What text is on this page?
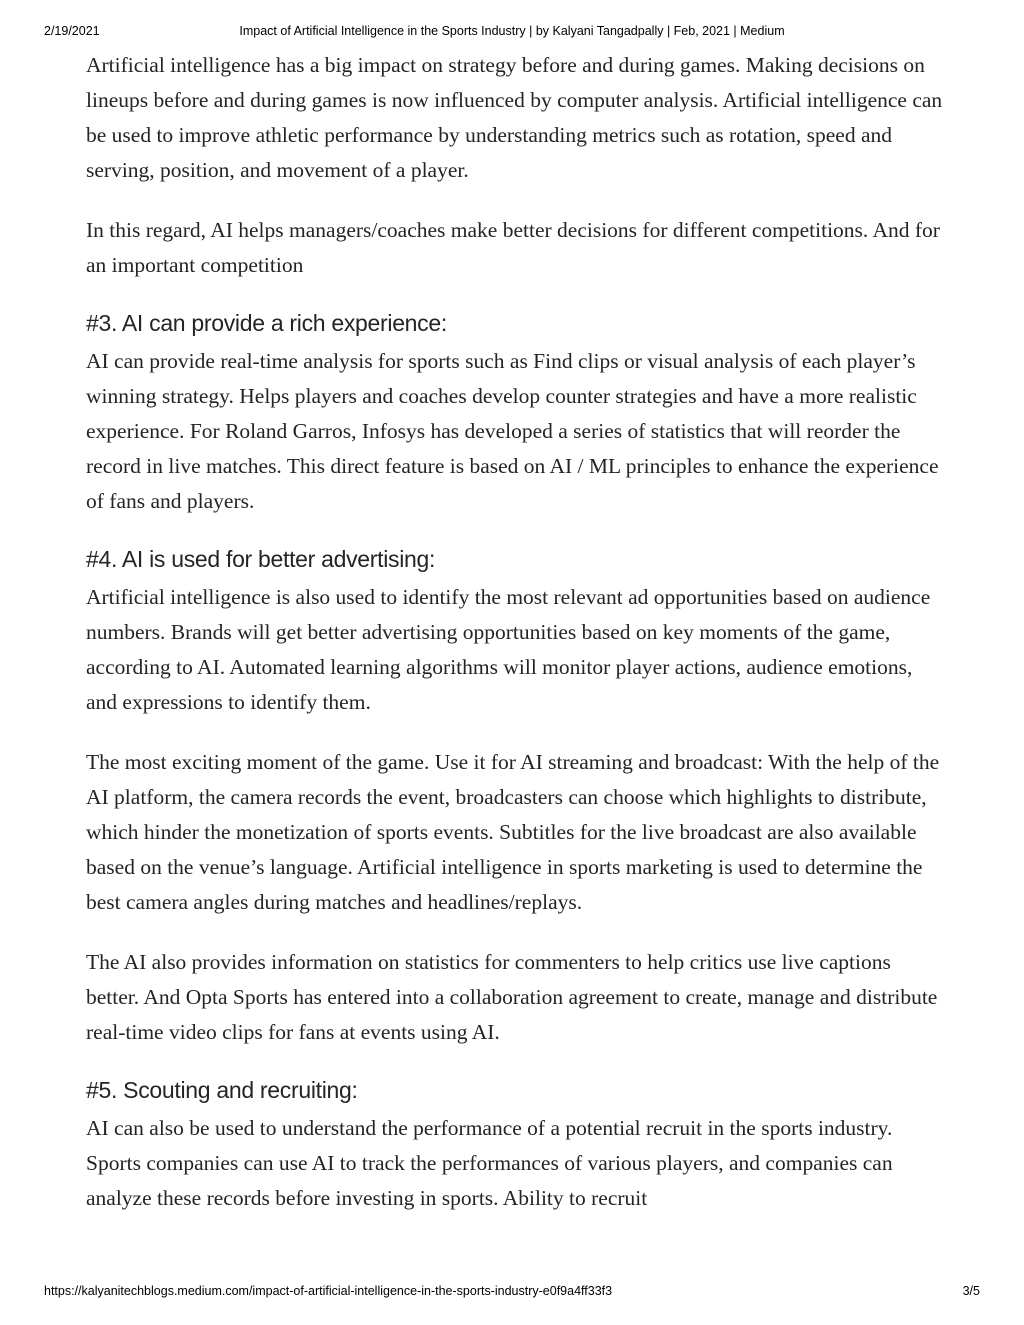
2/19/2021	Impact of Artificial Intelligence in the Sports Industry | by Kalyani Tangadpally | Feb, 2021 | Medium

Artificial intelligence has a big impact on strategy before and during games. Making decisions on lineups before and during games is now influenced by computer analysis. Artificial intelligence can be used to improve athletic performance by understanding metrics such as rotation, speed and serving, position, and movement of a player.

In this regard, AI helps managers/coaches make better decisions for different competitions. And for an important competition

#3. AI can provide a rich experience:

AI can provide real-time analysis for sports such as Find clips or visual analysis of each player’s winning strategy. Helps players and coaches develop counter strategies and have a more realistic experience. For Roland Garros, Infosys has developed a series of statistics that will reorder the record in live matches. This direct feature is based on AI / ML principles to enhance the experience of fans and players.

#4. AI is used for better advertising:

Artificial intelligence is also used to identify the most relevant ad opportunities based on audience numbers. Brands will get better advertising opportunities based on key moments of the game, according to AI. Automated learning algorithms will monitor player actions, audience emotions, and expressions to identify them.

The most exciting moment of the game. Use it for AI streaming and broadcast: With the help of the AI platform, the camera records the event, broadcasters can choose which highlights to distribute, which hinder the monetization of sports events. Subtitles for the live broadcast are also available based on the venue’s language. Artificial intelligence in sports marketing is used to determine the best camera angles during matches and headlines/replays.

The AI also provides information on statistics for commenters to help critics use live captions better. And Opta Sports has entered into a collaboration agreement to create, manage and distribute real-time video clips for fans at events using AI.

#5. Scouting and recruiting:

AI can also be used to understand the performance of a potential recruit in the sports industry. Sports companies can use AI to track the performances of various players, and companies can analyze these records before investing in sports. Ability to recruit

https://kalyanitechblogs.medium.com/impact-of-artificial-intelligence-in-the-sports-industry-e0f9a4ff33f3	3/5
